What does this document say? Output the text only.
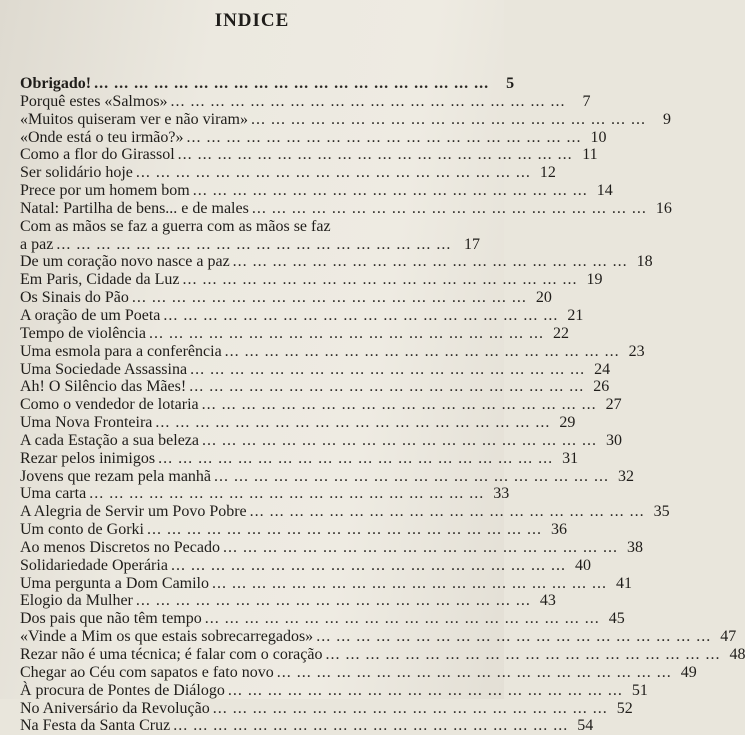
INDICE
Obrigado! ... .	5
Porquê estes «Salmos» ... .	7
«Muitos quiseram ver e não viram» ... .	9
«Onde está o teu irmão?» ... .	10
Como a flor do Girassol ... .	11
Ser solidário hoje ... .	12
Prece por um homem bom ... .	14
Natal: Partilha de bens... e de males ... .	16
Com as mãos se faz a guerra com as mãos se faz
a paz ... .	17
De um coração novo nasce a paz ... .	18
Em Paris, Cidade da Luz ... .	19
Os Sinais do Pão ... .	20
A oração de um Poeta ... .	21
Tempo de violência ... .	22
Uma esmola para a conferência ... .	23
Uma Sociedade Assassina ... .	24
Ah! O Silêncio das Mães! ... .	26
Como o vendedor de lotaria ... .	27
Uma Nova Fronteira ... .	29
A cada Estação a sua beleza ... .	30
Rezar pelos inimigos ... .	31
Jovens que rezam pela manhã ... .	32
Uma carta ... .	33
A Alegria de Servir um Povo Pobre ... .	35
Um conto de Gorki ... .	36
Ao menos Discretos no Pecado ... .	38
Solidariedade Operária ... .	40
Uma pergunta a Dom Camilo ... .	41
Elogio da Mulher ... .	43
Dos pais que não têm tempo ... .	45
«Vinde a Mim os que estais sobrecarregados» ... .	47
Rezar não é uma técnica; é falar com o coração ... .	48
Chegar ao Céu com sapatos e fato novo ... .	49
À procura de Pontes de Diálogo ... .	51
No Aniversário da Revolução ... .	52
Na Festa da Santa Cruz ... .	54
